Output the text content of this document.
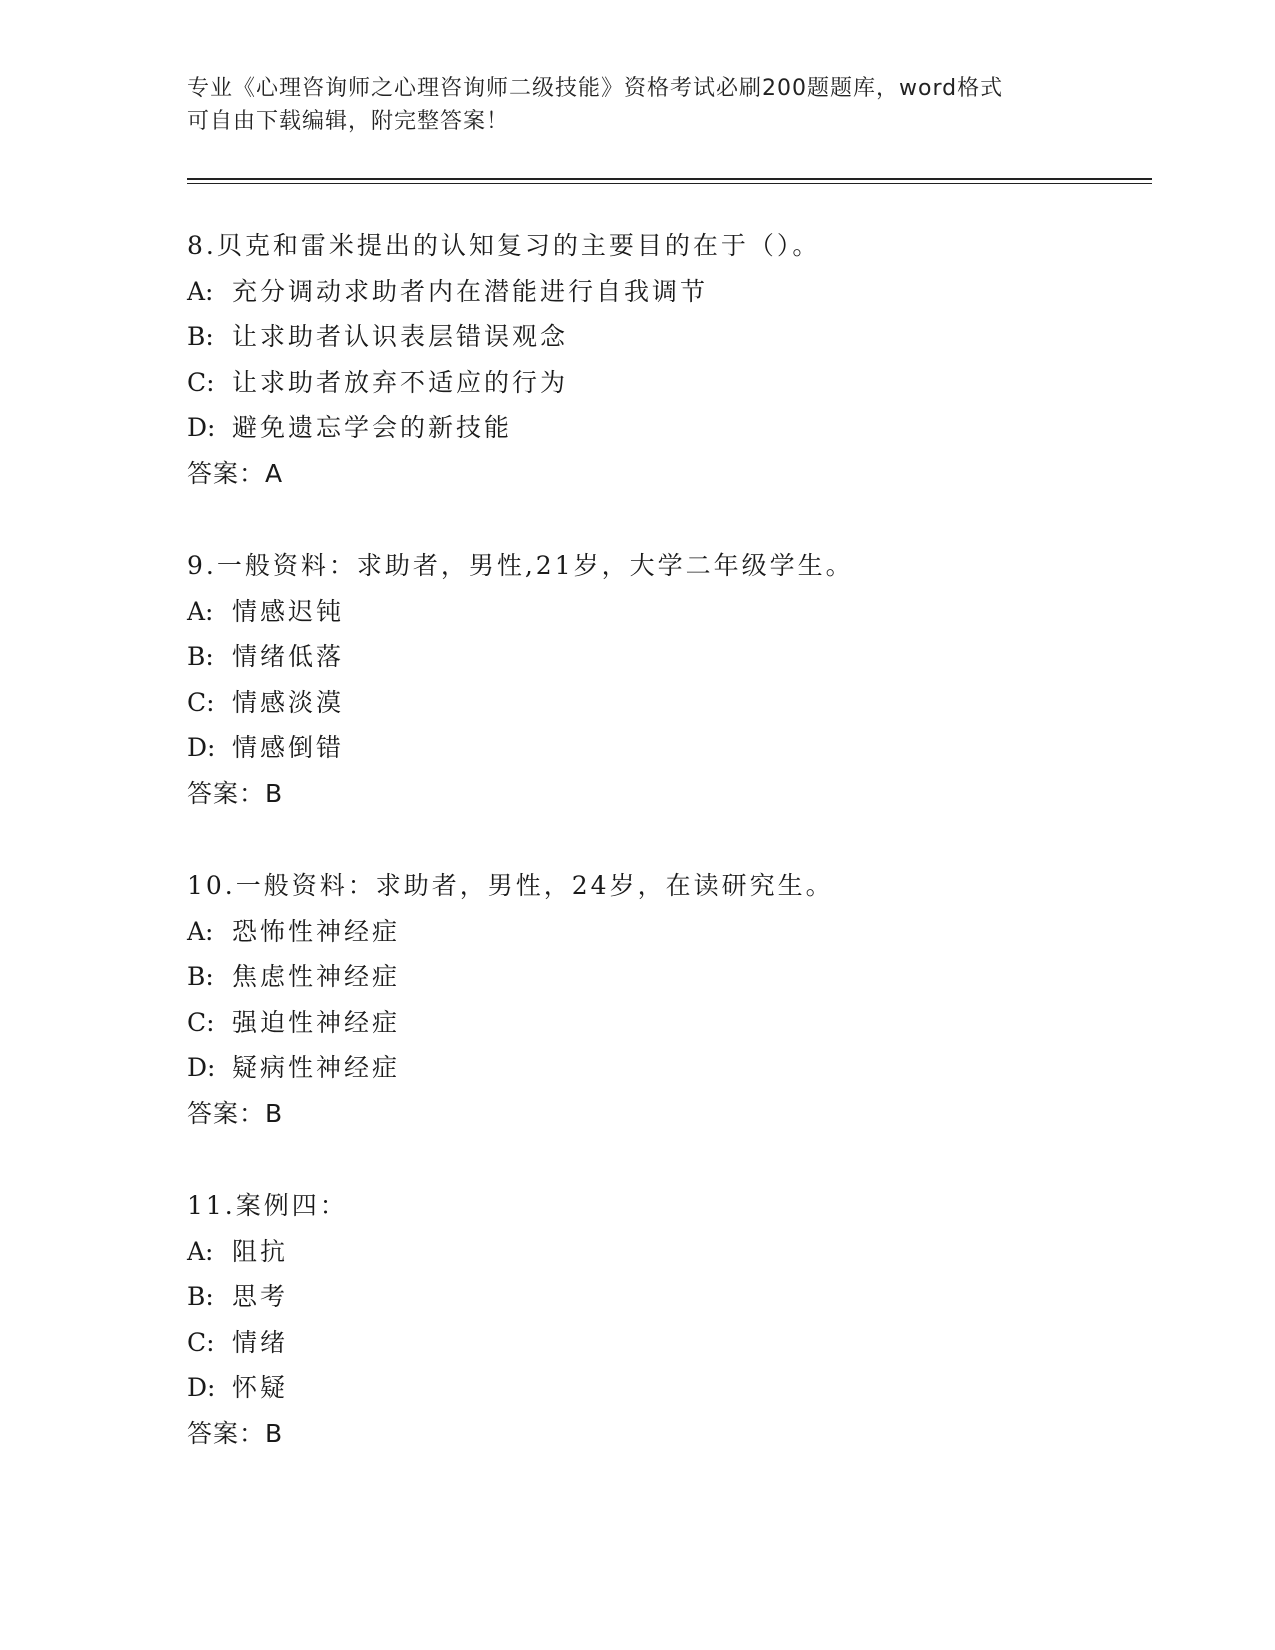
专业《心理咨询师之心理咨询师二级技能》资格考试必刷200题题库，word格式
可自由下载编辑，附完整答案！
8.贝克和雷米提出的认知复习的主要目的在于（）。
A: 充分调动求助者内在潜能进行自我调节
B: 让求助者认识表层错误观念
C: 让求助者放弃不适应的行为
D: 避免遗忘学会的新技能
答案：A
9.一般资料：求助者，男性,21岁，大学二年级学生。
A: 情感迟钝
B: 情绪低落
C: 情感淡漠
D: 情感倒错
答案：B
10.一般资料：求助者，男性，24岁，在读研究生。
A: 恐怖性神经症
B: 焦虑性神经症
C: 强迫性神经症
D: 疑病性神经症
答案：B
11.案例四：
A: 阻抗
B: 思考
C: 情绪
D: 怀疑
答案：B
